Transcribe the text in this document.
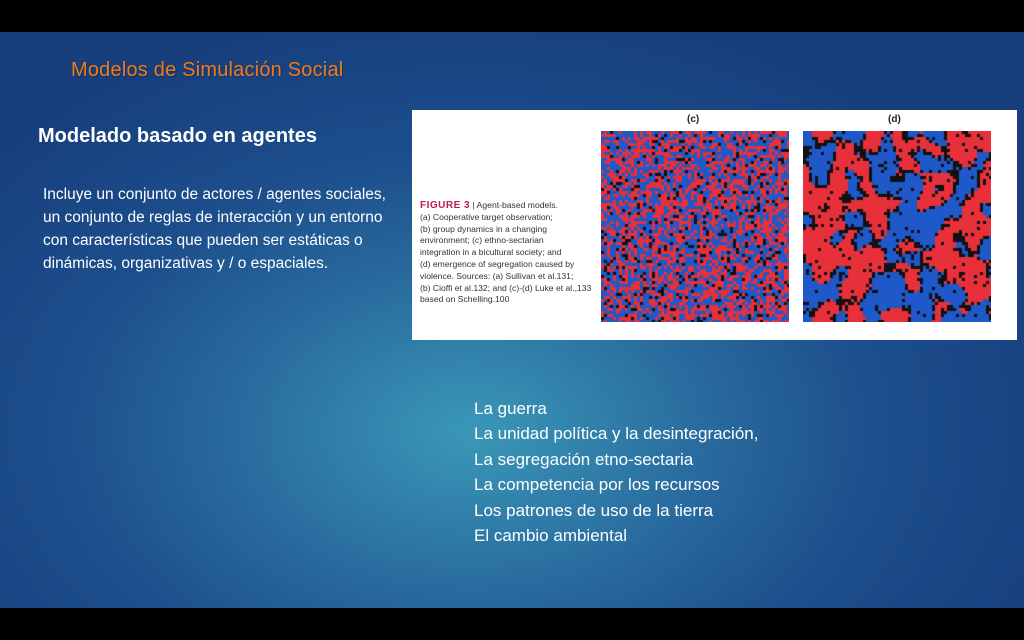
Modelos de Simulación Social
Modelado basado en agentes
Incluye un conjunto de actores / agentes sociales, un conjunto de reglas de interacción y un entorno con características que pueden ser estáticas o dinámicas, organizativas y / o espaciales.
FIGURE 3 | Agent-based models.
(a) Cooperative target observation;
(b) group dynamics in a changing
environment; (c) ethno-sectarian
integration in a bicultural society; and
(d) emergence of segregation caused by
violence. Sources: (a) Sullivan et al.131;
(b) Cioffi et al.132; and (c)-(d) Luke et al.,133
based on Schelling.100
(c)	(d)
La guerra
La unidad política y la desintegración,
La segregación etno-sectaria
La competencia por los recursos
Los patrones de uso de la tierra
El cambio ambiental
